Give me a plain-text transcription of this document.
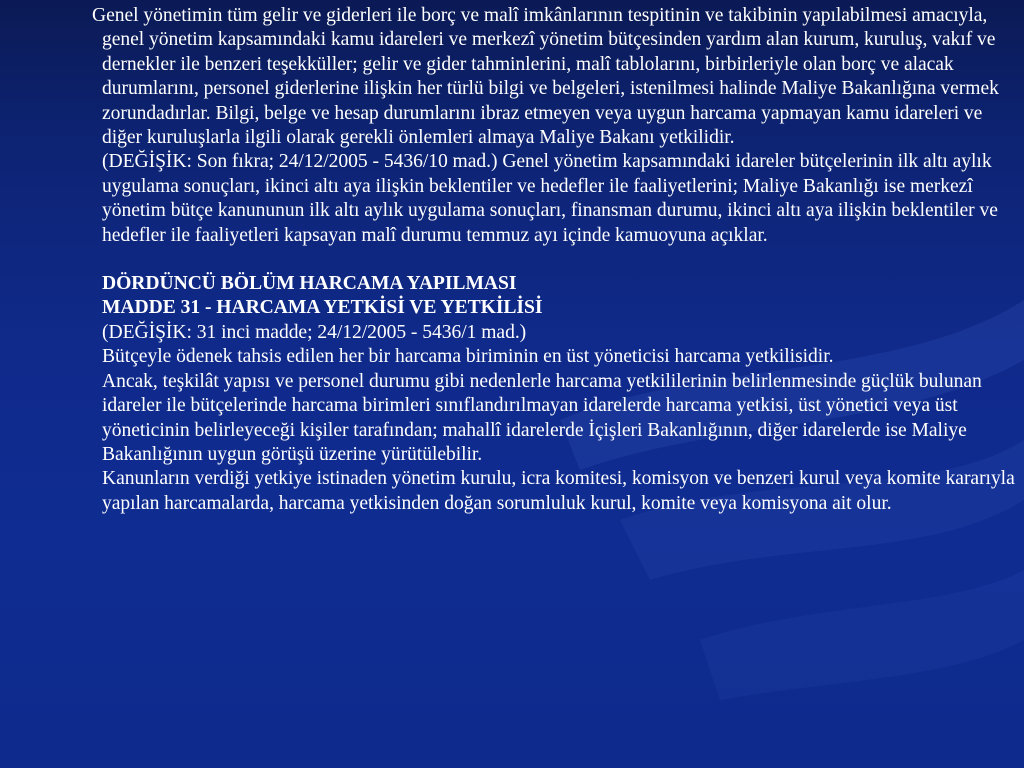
Genel yönetimin tüm gelir ve giderleri ile borç ve malî imkânlarının tespitinin ve takibinin yapılabilmesi amacıyla, genel yönetim kapsamındaki kamu idareleri ve merkezî yönetim bütçesinden yardım alan kurum, kuruluş, vakıf ve dernekler ile benzeri teşekküller; gelir ve gider tahminlerini, malî tablolarını, birbirleriyle olan borç ve alacak durumlarını, personel giderlerine ilişkin her türlü bilgi ve belgeleri, istenilmesi halinde Maliye Bakanlığına vermek zorundadırlar. Bilgi, belge ve hesap durumlarını ibraz etmeyen veya uygun harcama yapmayan kamu idareleri ve diğer kuruluşlarla ilgili olarak gerekli önlemleri almaya Maliye Bakanı yetkilidir.

(DEĞİŞİK: Son fıkra; 24/12/2005 - 5436/10 mad.) Genel yönetim kapsamındaki idareler bütçelerinin ilk altı aylık uygulama sonuçları, ikinci altı aya ilişkin beklentiler ve hedefler ile faaliyetlerini; Maliye Bakanlığı ise merkezî yönetim bütçe kanununun ilk altı aylık uygulama sonuçları, finansman durumu, ikinci altı aya ilişkin beklentiler ve hedefler ile faaliyetleri kapsayan malî durumu temmuz ayı içinde kamuoyuna açıklar.

DÖRDÜNCÜ BÖLÜM HARCAMA YAPILMASI

MADDE 31 - HARCAMA YETKİSİ VE YETKİLİSİ

(DEĞİŞİK: 31 inci madde; 24/12/2005 - 5436/1 mad.)

Bütçeyle ödenek tahsis edilen her bir harcama biriminin en üst yöneticisi harcama yetkilisidir.

Ancak, teşkilât yapısı ve personel durumu gibi nedenlerle harcama yetkililerinin belirlenmesinde güçlük bulunan idareler ile bütçelerinde harcama birimleri sınıflandırılmayan idarelerde harcama yetkisi, üst yönetici veya üst yöneticinin belirleyeceği kişiler tarafından; mahallî idarelerde İçişleri Bakanlığının, diğer idarelerde ise Maliye Bakanlığının uygun görüşü üzerine yürütülebilir.

Kanunların verdiği yetkiye istinaden yönetim kurulu, icra komitesi, komisyon ve benzeri kurul veya komite kararıyla yapılan harcamalarda, harcama yetkisinden doğan sorumluluk kurul, komite veya komisyona ait olur.
